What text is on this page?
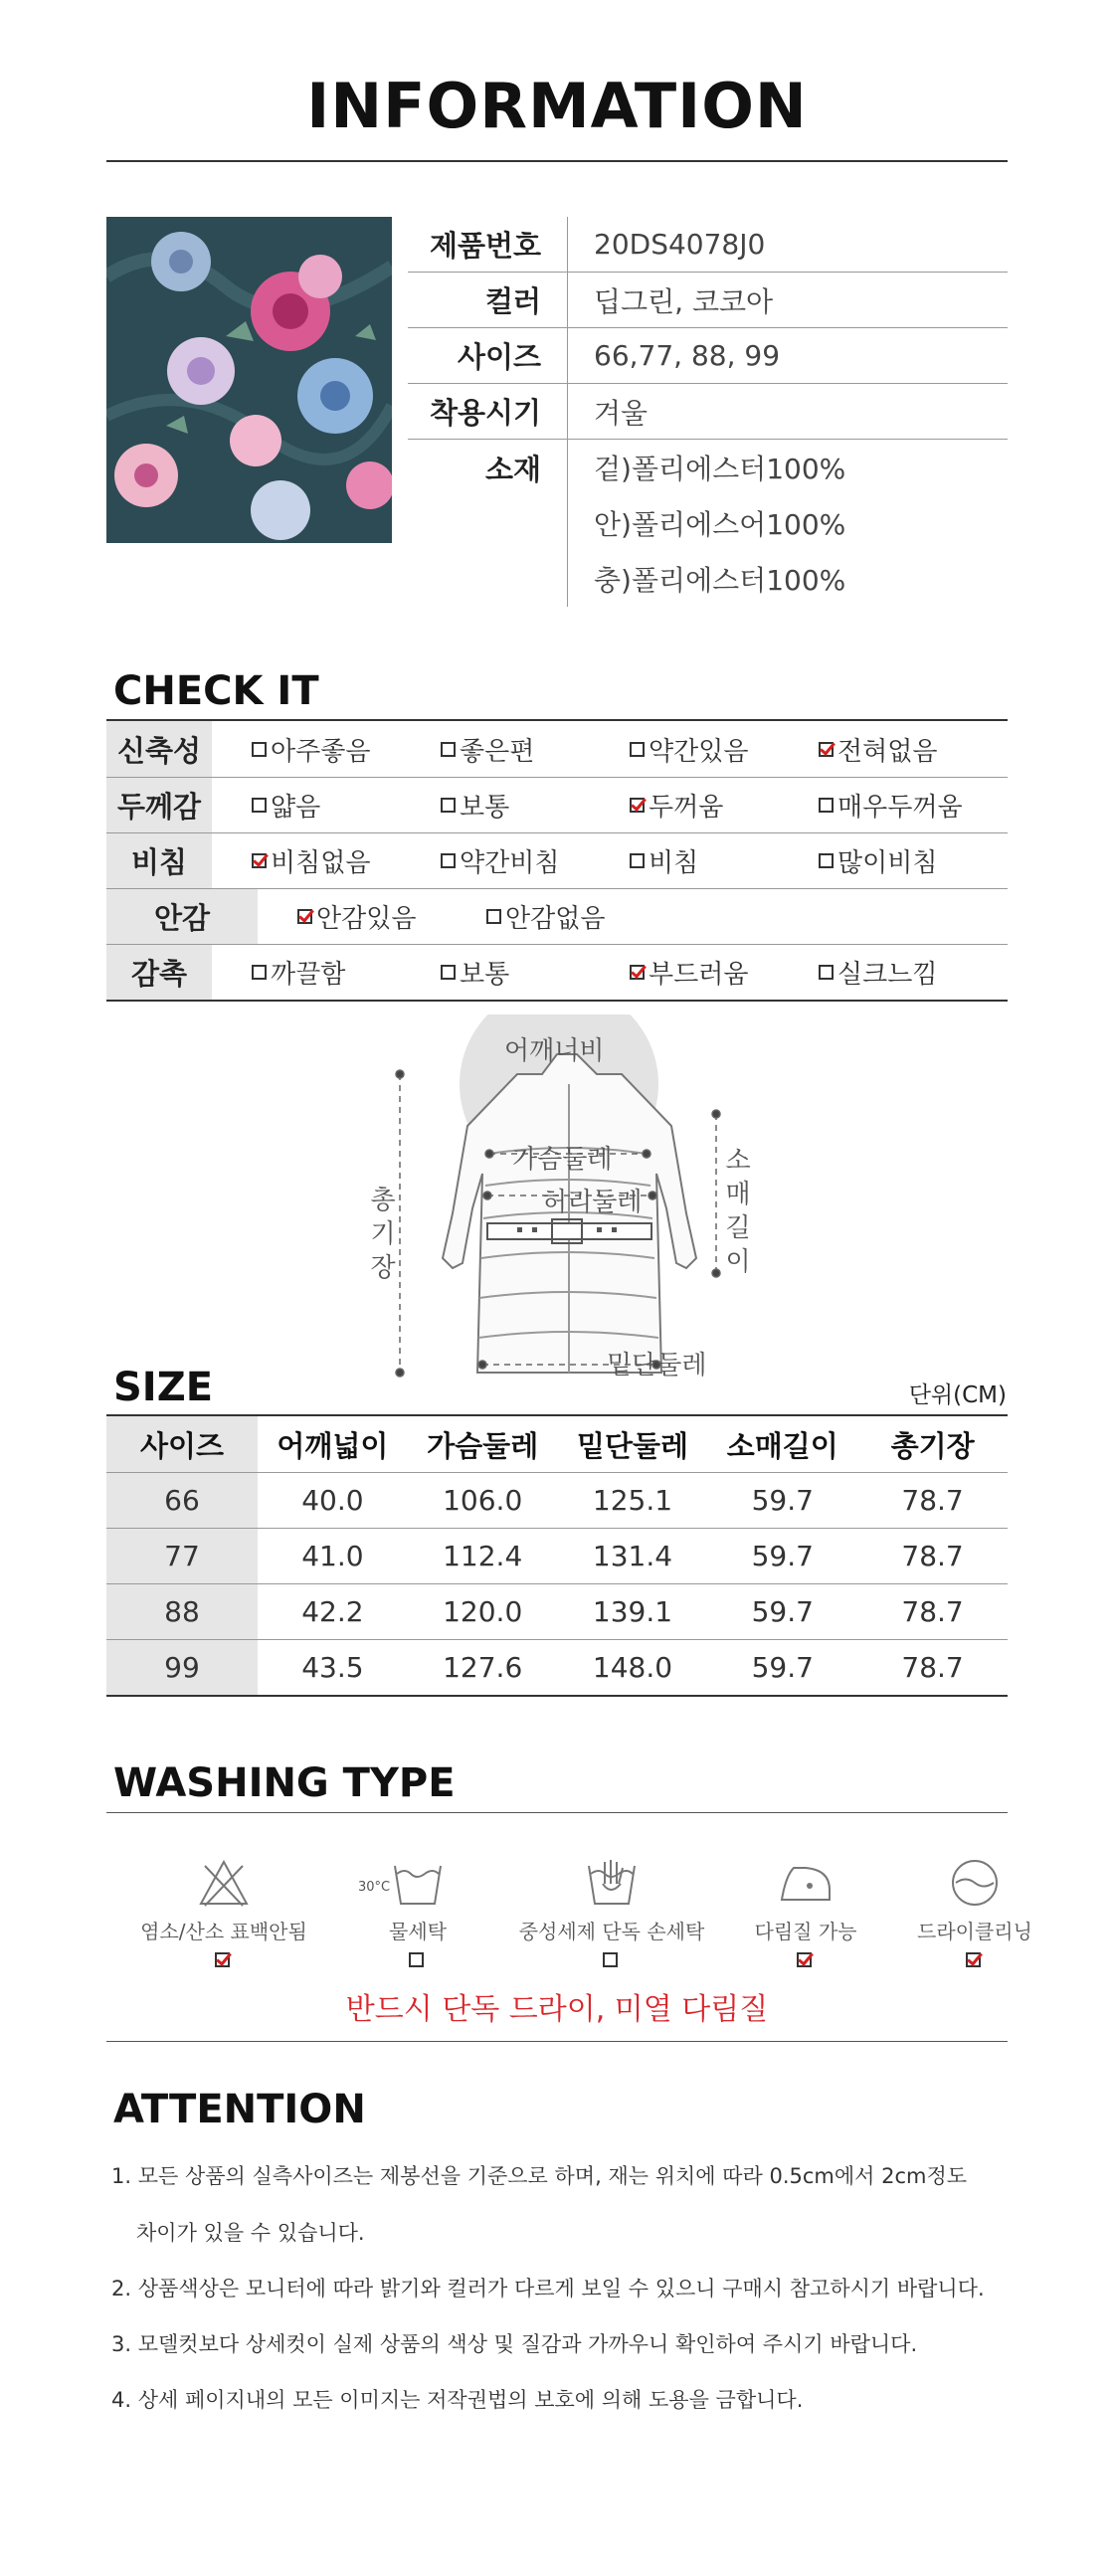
INFORMATION
제품번호	20DS4078J0
컬러	딥그린, 코코아
사이즈	66,77, 88, 99
착용시기	겨울
소재	겉)폴리에스터100%
안)폴리에스어100%
충)폴리에스터100%
CHECK IT
신축성	아주좋음	좋은편	약간있음	전혀없음
두께감	얇음	보통	두꺼움	매우두꺼움
비침	비침없음	약간비침	비침	많이비침
안감	안감있음	안감없음
감촉	까끌함	보통	부드러움	실크느낌
어깨너비
가슴둘레
허리둘레
밑단둘레
소
매
길
이
총
기
장
SIZE	단위(CM)
사이즈	어깨넓이	가슴둘레	밑단둘레	소매길이	총기장
66	40.0	106.0	125.1	59.7	78.7
77	41.0	112.4	131.4	59.7	78.7
88	42.2	120.0	139.1	59.7	78.7
99	43.5	127.6	148.0	59.7	78.7
WASHING TYPE
염소/산소 표백안됨
30°C
물세탁	중성세제 단독 손세탁	다림질 가능	드라이클리닝
반드시 단독 드라이, 미열 다림질
ATTENTION
1. 모든 상품의 실측사이즈는 제봉선을 기준으로 하며, 재는 위치에 따라 0.5cm에서 2cm정도
차이가 있을 수 있습니다.
2. 상품색상은 모니터에 따라 밝기와 컬러가 다르게 보일 수 있으니 구매시 참고하시기 바랍니다.
3. 모델컷보다 상세컷이 실제 상품의 색상 및 질감과 가까우니 확인하여 주시기 바랍니다.
4. 상세 페이지내의 모든 이미지는 저작권법의 보호에 의해 도용을 금합니다.
